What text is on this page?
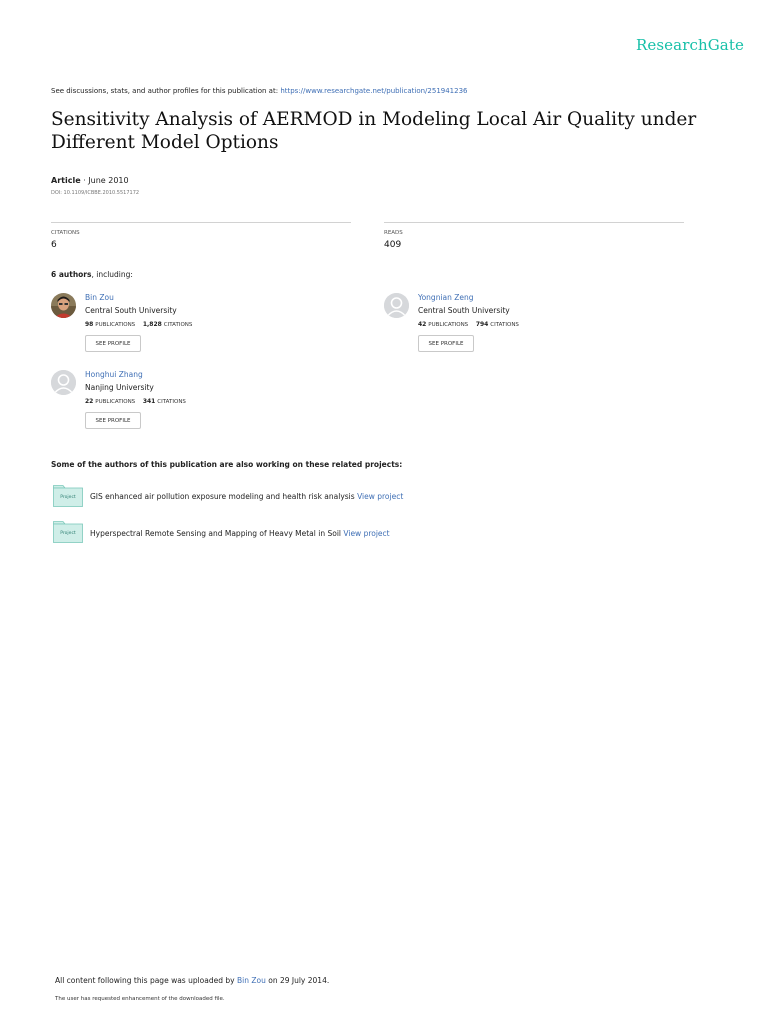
ResearchGate
See discussions, stats, and author profiles for this publication at: https://www.researchgate.net/publication/251941236
Sensitivity Analysis of AERMOD in Modeling Local Air Quality under Different Model Options
Article · June 2010
DOI: 10.1109/ICBBE.2010.5517172
CITATIONS
6
READS
409
6 authors, including:
Bin Zou
Central South University
98 PUBLICATIONS 1,828 CITATIONS
SEE PROFILE
Yongnian Zeng
Central South University
42 PUBLICATIONS 794 CITATIONS
SEE PROFILE
Honghui Zhang
Nanjing University
22 PUBLICATIONS 341 CITATIONS
SEE PROFILE
Some of the authors of this publication are also working on these related projects:
Project	GIS enhanced air pollution exposure modeling and health risk analysis View project
Project	Hyperspectral Remote Sensing and Mapping of Heavy Metal in Soil View project
All content following this page was uploaded by Bin Zou on 29 July 2014.
The user has requested enhancement of the downloaded file.
